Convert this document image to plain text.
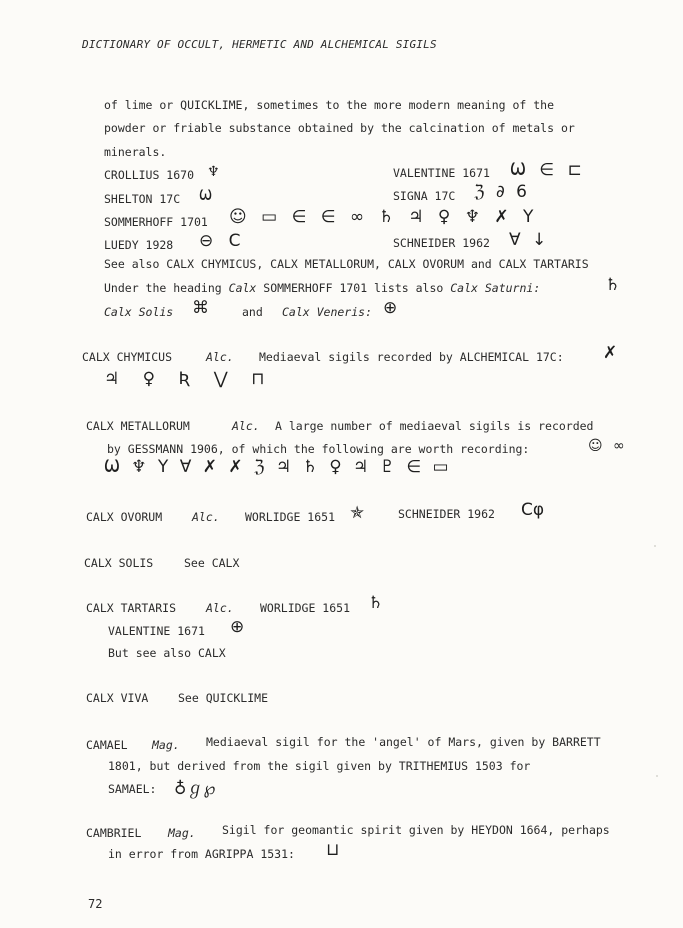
DICTIONARY OF OCCULT, HERMETIC AND ALCHEMICAL SIGILS
of lime or QUICKLIME, sometimes to the more modern meaning of the
powder or friable substance obtained by the calcination of metals or
minerals.
CROLLIUS 1670 ♆	VALENTINE 1671 Ѡ ∈ ⊏
SHELTON 17C Ѡ	SIGNA 17C ℨ ∂ 6
SOMMERHOFF 1701 ☺ ▭ ∈ ∈ ∞ ♄ ♃ ♀ ♆ ✗ Y
LUEDY 1928 ⊖ C	SCHNEIDER 1962 ∀ ↓
See also CALX CHYMICUS, CALX METALLORUM, CALX OVORUM and CALX TARTARIS
Under the heading Calx SOMMERHOFF 1701 lists also Calx Saturni:	♄
Calx Solis ⌘	and Calx Veneris: ⊕
CALX CHYMICUS	Alc. Mediaeval sigils recorded by ALCHEMICAL 17C: ✗
♃ ♀ Ʀ ⋁ ⊓
CALX METALLORUM	Alc. A large number of mediaeval sigils is recorded
by GESSMANN 1906, of which the following are worth recording:	☺ ∞
Ѡ ♆ Y ∀ ✗ ✗ ℨ ♃ ♄ ♀ ♃ ♇ ∈ ▭
CALX OVORUM	Alc. WORLIDGE 1651 ✯	SCHNEIDER 1962 Cφ
CALX SOLIS	See CALX
CALX TARTARIS	Alc. WORLIDGE 1651 ♄
VALENTINE 1671 ⊕
But see also CALX
CALX VIVA	See QUICKLIME
CAMAEL Mag. Mediaeval sigil for the 'angel' of Mars, given by BARRETT
1801, but derived from the sigil given by TRITHEMIUS 1503 for
SAMAEL: ♁ℊ℘
CAMBRIEL Mag. Sigil for geomantic spirit given by HEYDON 1664, perhaps
in error from AGRIPPA 1531: ⊔
72
